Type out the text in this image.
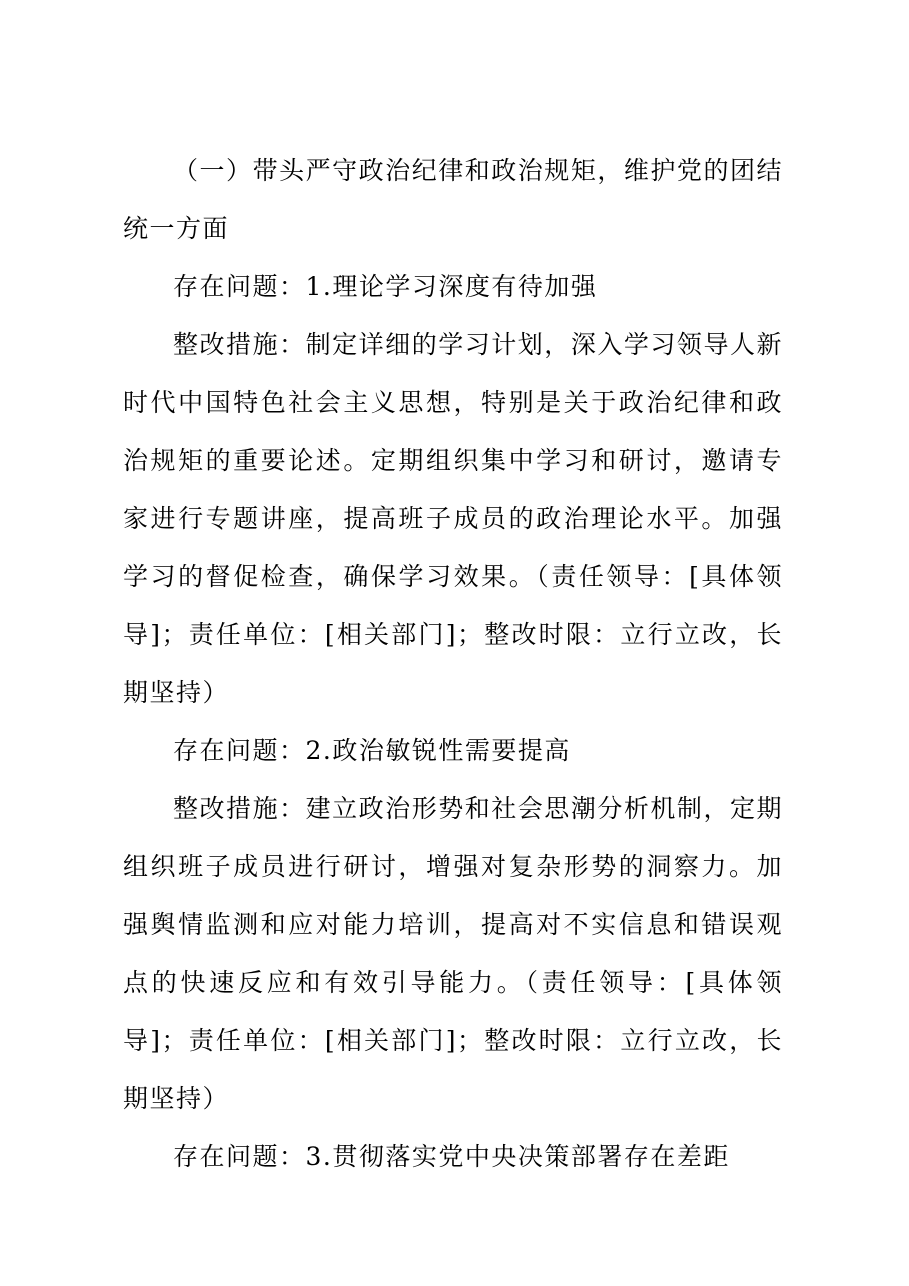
（一）带头严守政治纪律和政治规矩，维护党的团结统一方面

存在问题：1.理论学习深度有待加强

整改措施：制定详细的学习计划，深入学习领导人新时代中国特色社会主义思想，特别是关于政治纪律和政治规矩的重要论述。定期组织集中学习和研讨，邀请专家进行专题讲座，提高班子成员的政治理论水平。加强学习的督促检查，确保学习效果。（责任领导：[具体领导]；责任单位：[相关部门]；整改时限：立行立改，长期坚持）

存在问题：2.政治敏锐性需要提高

整改措施：建立政治形势和社会思潮分析机制，定期组织班子成员进行研讨，增强对复杂形势的洞察力。加强舆情监测和应对能力培训，提高对不实信息和错误观点的快速反应和有效引导能力。（责任领导：[具体领导]；责任单位：[相关部门]；整改时限：立行立改，长期坚持）

存在问题：3.贯彻落实党中央决策部署存在差距
